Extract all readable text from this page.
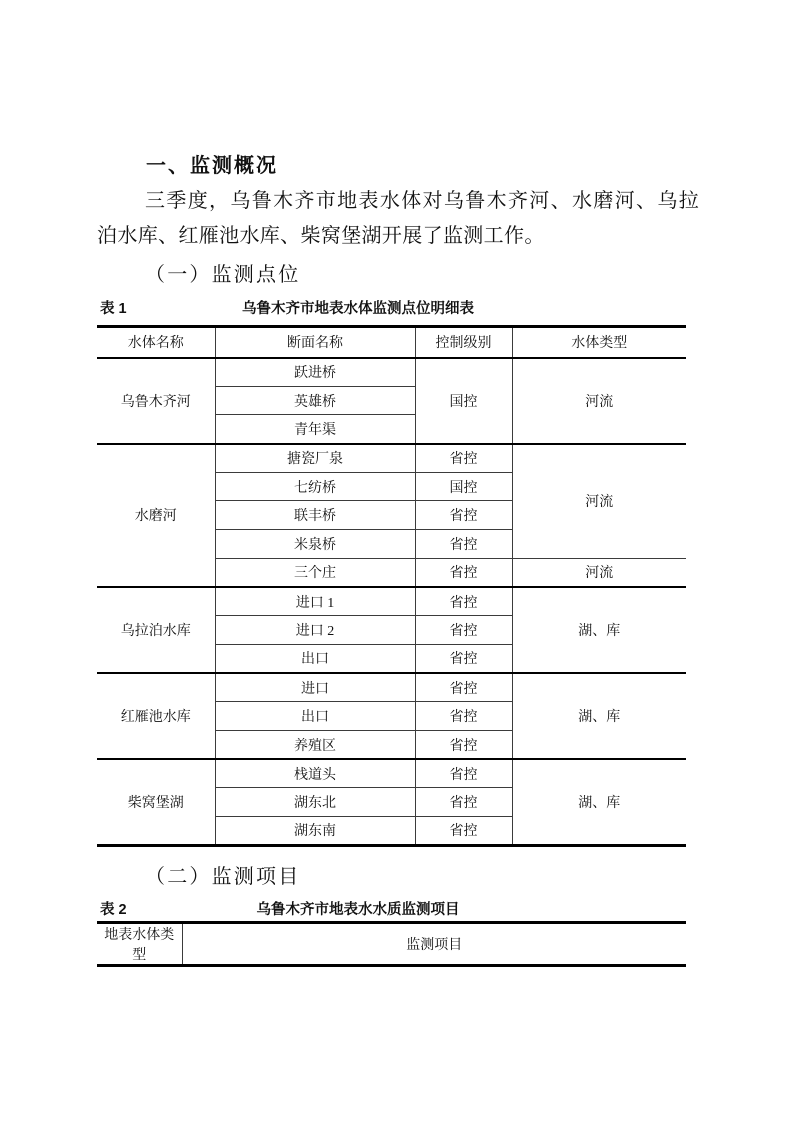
一、监测概况
三季度，乌鲁木齐市地表水体对乌鲁木齐河、水磨河、乌拉
泊水库、红雁池水库、柴窝堡湖开展了监测工作。
（一）监测点位
表 1	乌鲁木齐市地表水体监测点位明细表
水体名称	断面名称	控制级别	水体类型
乌鲁木齐河	跃进桥	国控	河流
	英雄桥		
	青年渠		
水磨河	搪瓷厂泉	省控	河流
	七纺桥	国控	
	联丰桥	省控	
	米泉桥	省控	
	三个庄	省控	河流
乌拉泊水库	进口 1	省控	湖、库
	进口 2	省控	
	出口	省控	
红雁池水库	进口	省控	湖、库
	出口	省控	
	养殖区	省控	
柴窝堡湖	栈道头	省控	湖、库
	湖东北	省控	
	湖东南	省控	
（二）监测项目
表 2	乌鲁木齐市地表水水质监测项目
地表水体类型	监测项目
